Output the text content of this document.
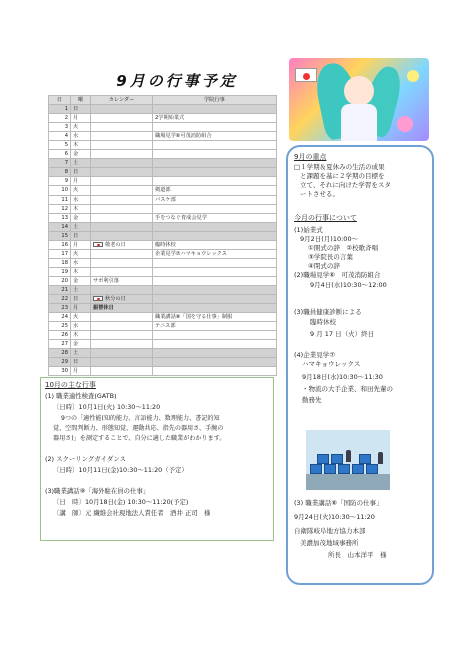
9月の行事予定
日	曜	カレンダー	学院行事
1	日		
2	月		2学期始業式
3	火		
4	水		職場見学⑥可茂消防組合
5	木		
6	金		
7	土		
8	日		
9	月		
10	火		剣道部
11	水		バスケ部
12	木		
13	金		手をつなぐ育成会見学
14	土		
15	日		
16	月	敬老の日	臨時休校
17	火		企業見学⑦ハマキョウレックス
18	水		
19	木		
20	金	サポ利引落	
21	土		
22	日	秋分の日	
23	月	振替休日	
24	火		職業講話⑧「国を守る仕事」制服
25	水		テニス部
26	木		
27	金		
28	土		
29	日		
30	月		
9月の重点
□１学期＆夏休みの生活の成果
と課題を基に２学期の目標を
立て、それに向けた学習をスタ
ートさせる。
今月の行事について
(1)始業式
9月2日(月)10:00～
①開式の辞　②校歌斉唱
③学院長の言葉
④閉式の辞
(2)職場見学⑥　可茂消防組合
9月4日(水)10:30～12:00
(3)職員健康診断による
臨時休校
9 月 17 日（火）終日
(4)企業見学⑦
ハマキョウレックス
9月18日(水)10:30～11:30
・物流の大手企業、和田先輩の
勤務先
(3) 職業講話⑧「国防の仕事」
9月24日(火)10:30～11:20
自衛隊岐阜地方協力本部
美濃加茂地域事務所
所長　山本洋平　様
10月の主な行事
(1) 職業適性検査(GATB)
〔日時〕10月1日(火) 10:30～11:20
9つの「適性能(知的能力、言語能力、数理能力、書記的知
覚、空間判断力、形態知覚、運動共応、指先の器用さ、手腕の
器用さ)」を測定することで、自分に適した職業がわかります。
(2) スクーリングガイダンス
〔日時〕10月11日(金)10:30～11:20（予定）
(3)職業講話⑨「海外駐在員の仕事」
〔日　時〕10月18日(金) 10:30～11:20(予定)
〔講　師〕元 繊維会社現地法人責任者　酒井 正司　様
